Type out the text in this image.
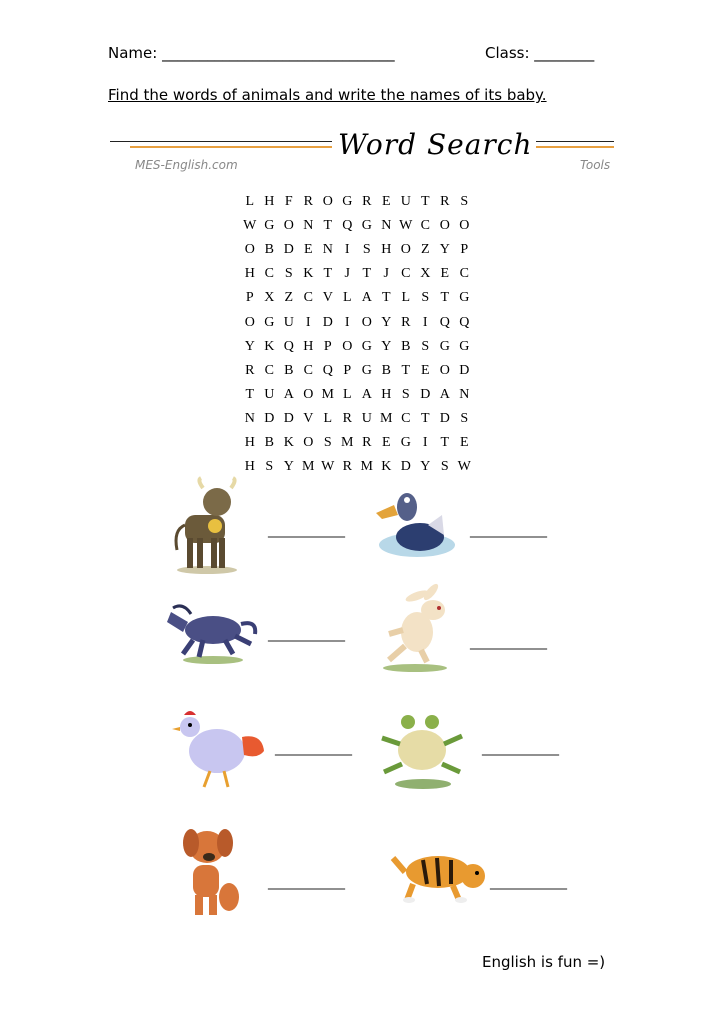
Name: _______________________________	Class: ________
Find the words of animals and write the names of its baby.
Word Search
MES-English.com	Tools
L H F R O G R E U T R S
W G O N T Q G N W C O O
O B D E N I S H O Z Y P
H C S K T J T J C X E C
P X Z C V L A T L S T G
O G U I D I O Y R I Q Q
Y K Q H P O G Y B S G G
R C B C Q P G B T E O D
T U A O M L A H S D A N
N D D V L R U M C T D S
H B K O S M R E G I T E
H S Y M W R M K D Y S W
___________	___________
___________	___________
___________	___________
___________	___________
English is fun =)
